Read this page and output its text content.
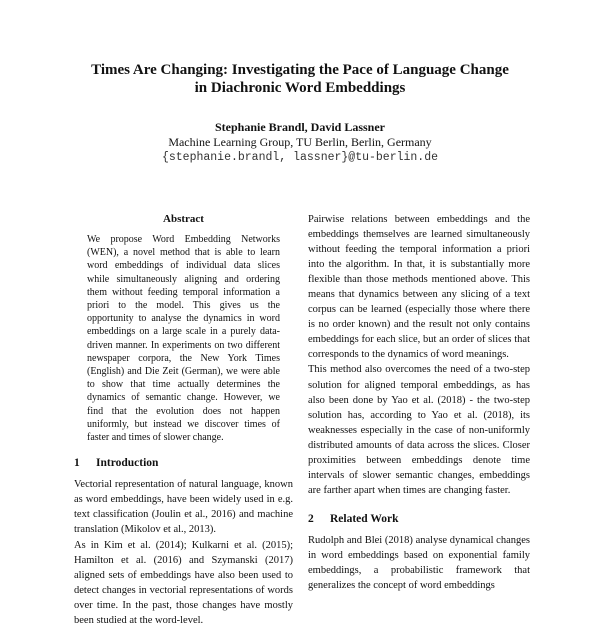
Times Are Changing: Investigating the Pace of Language Change
in Diachronic Word Embeddings
Stephanie Brandl, David Lassner
Machine Learning Group, TU Berlin, Berlin, Germany
{stephanie.brandl, lassner}@tu-berlin.de
Abstract

We propose Word Embedding Networks (WEN), a novel method that is able to learn word embeddings of individual data slices while simultaneously aligning and ordering them without feeding temporal information a priori to the model. This gives us the opportunity to analyse the dynamics in word embeddings on a large scale in a purely data-driven manner. In experiments on two different newspaper corpora, the New York Times (English) and Die Zeit (German), we were able to show that time actually determines the dynamics of semantic change. However, we find that the evolution does not happen uniformly, but instead we discover times of faster and times of slower change.

1 Introduction

Vectorial representation of natural language, known as word embeddings, have been widely used in e.g. text classification (Joulin et al., 2016) and machine translation (Mikolov et al., 2013).

As in Kim et al. (2014); Kulkarni et al. (2015); Hamilton et al. (2016) and Szymanski (2017) aligned sets of embeddings have also been used to detect changes in vectorial representations of words over time. In the past, those changes have mostly been studied at the word-level.

Pairwise relations between embeddings and the embeddings themselves are learned simultaneously without feeding the temporal information a priori into the algorithm. In that, it is substantially more flexible than those methods mentioned above. This means that dynamics between any slicing of a text corpus can be learned (especially those where there is no order known) and the result not only contains embeddings for each slice, but an order of slices that corresponds to the dynamics of word meanings.

This method also overcomes the need of a two-step solution for aligned temporal embeddings, as has also been done by Yao et al. (2018) - the two-step solution has, according to Yao et al. (2018), its weaknesses especially in the case of non-uniformly distributed amounts of data across the slices. Closer proximities between embeddings denote time intervals of slower semantic changes, embeddings are farther apart when times are changing faster.

2 Related Work

Rudolph and Blei (2018) analyse dynamical changes in word embeddings based on exponential family embeddings, a probabilistic framework that generalizes the concept of word embeddings
